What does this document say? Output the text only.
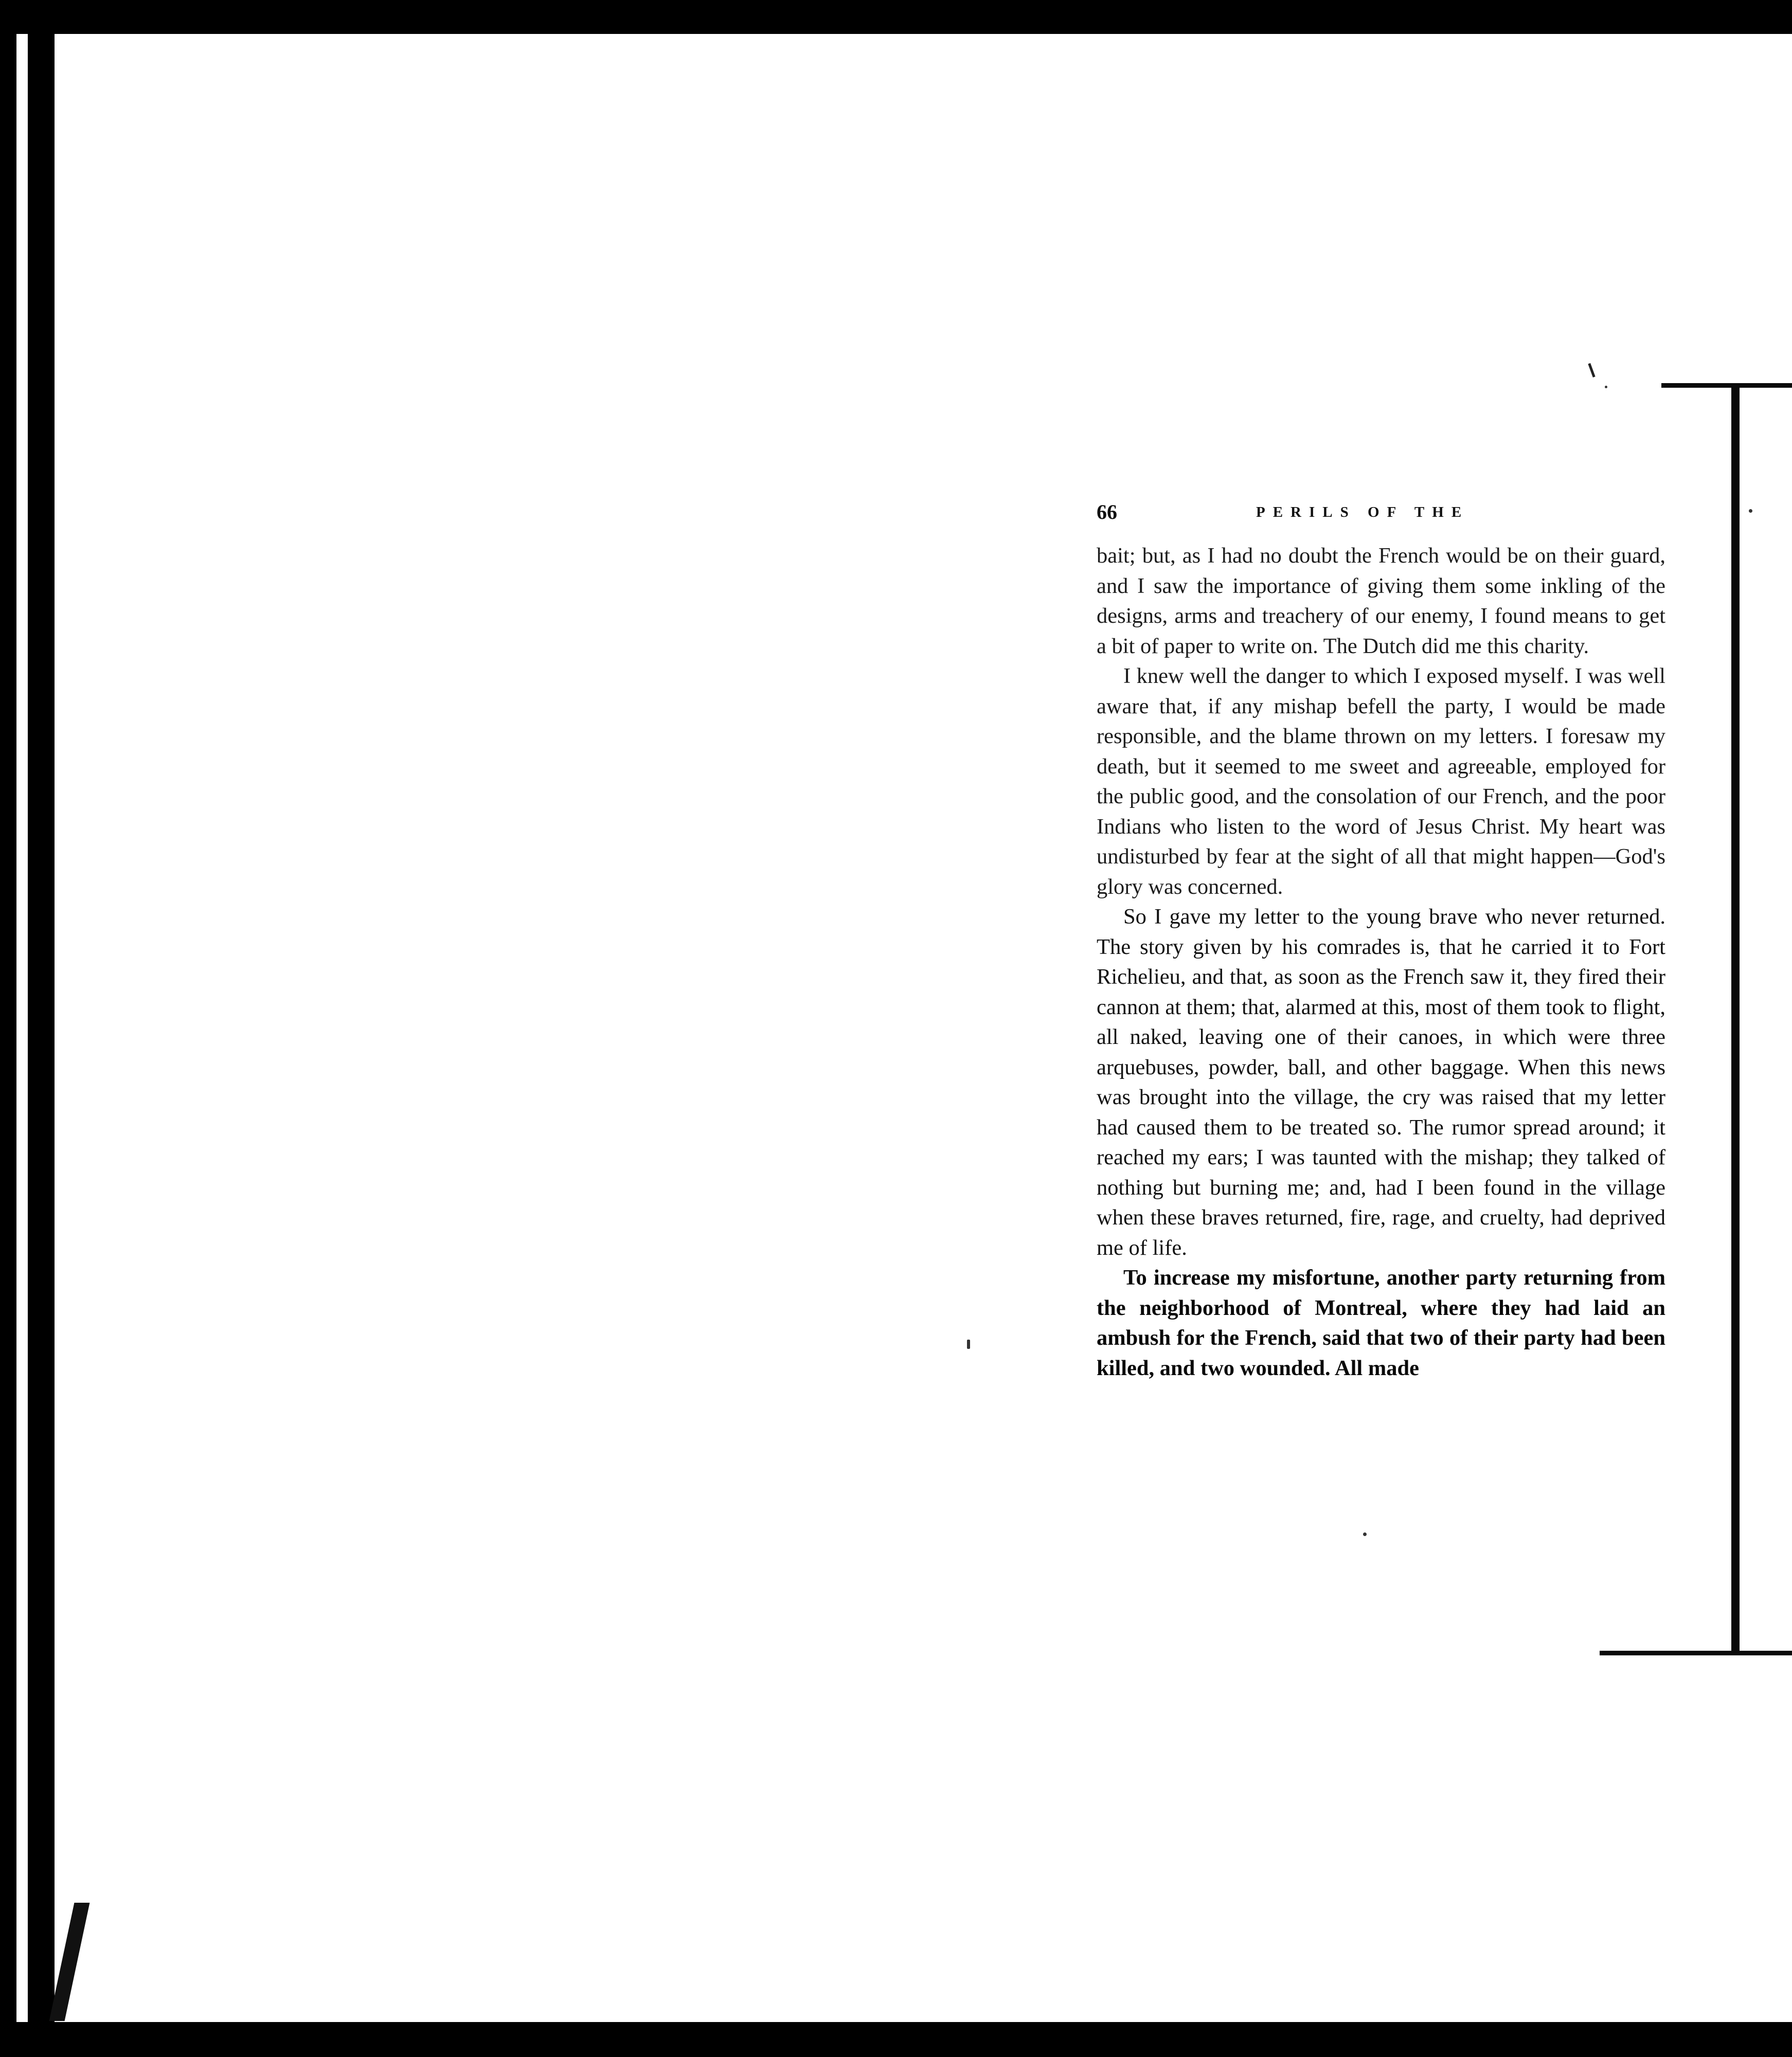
66	PERILS OF THE

bait; but, as I had no doubt the French would be on their guard, and I saw the importance of giving them some inkling of the designs, arms and treachery of our enemy, I found means to get a bit of paper to write on. The Dutch did me this charity.

I knew well the danger to which I exposed myself. I was well aware that, if any mishap befell the party, I would be made responsible, and the blame thrown on my letters. I foresaw my death, but it seemed to me sweet and agreeable, employed for the public good, and the consolation of our French, and the poor Indians who listen to the word of Jesus Christ. My heart was undisturbed by fear at the sight of all that might happen—God's glory was concerned.

So I gave my letter to the young brave who never returned. The story given by his comrades is, that he carried it to Fort Richelieu, and that, as soon as the French saw it, they fired their cannon at them; that, alarmed at this, most of them took to flight, all naked, leaving one of their canoes, in which were three arquebuses, powder, ball, and other baggage. When this news was brought into the village, the cry was raised that my letter had caused them to be treated so. The rumor spread around; it reached my ears; I was taunted with the mishap; they talked of nothing but burning me; and, had I been found in the village when these braves returned, fire, rage, and cruelty, had deprived me of life.

To increase my misfortune, another party returning from the neighborhood of Montreal, where they had laid an ambush for the French, said that two of their party had been killed, and two wounded. All made
